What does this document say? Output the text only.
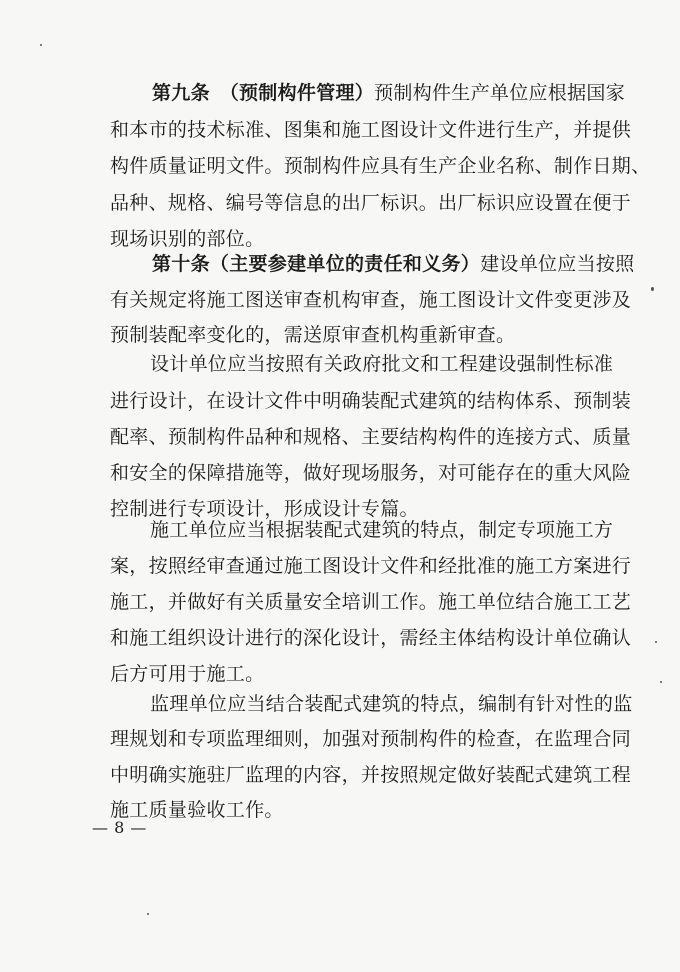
第九条　（预制构件管理）预制构件生产单位应根据国家
和本市的技术标准、图集和施工图设计文件进行生产，并提供
构件质量证明文件。预制构件应具有生产企业名称、制作日期、
品种、规格、编号等信息的出厂标识。出厂标识应设置在便于
现场识别的部位。
第十条（主要参建单位的责任和义务）建设单位应当按照
有关规定将施工图送审查机构审查，施工图设计文件变更涉及
预制装配率变化的，需送原审查机构重新审查。
设计单位应当按照有关政府批文和工程建设强制性标准
进行设计，在设计文件中明确装配式建筑的结构体系、预制装
配率、预制构件品种和规格、主要结构构件的连接方式、质量
和安全的保障措施等，做好现场服务，对可能存在的重大风险
控制进行专项设计，形成设计专篇。
施工单位应当根据装配式建筑的特点，制定专项施工方
案，按照经审查通过施工图设计文件和经批准的施工方案进行
施工，并做好有关质量安全培训工作。施工单位结合施工工艺
和施工组织设计进行的深化设计，需经主体结构设计单位确认
后方可用于施工。
监理单位应当结合装配式建筑的特点，编制有针对性的监
理规划和专项监理细则，加强对预制构件的检查，在监理合同
中明确实施驻厂监理的内容，并按照规定做好装配式建筑工程
施工质量验收工作。
— 8 —
